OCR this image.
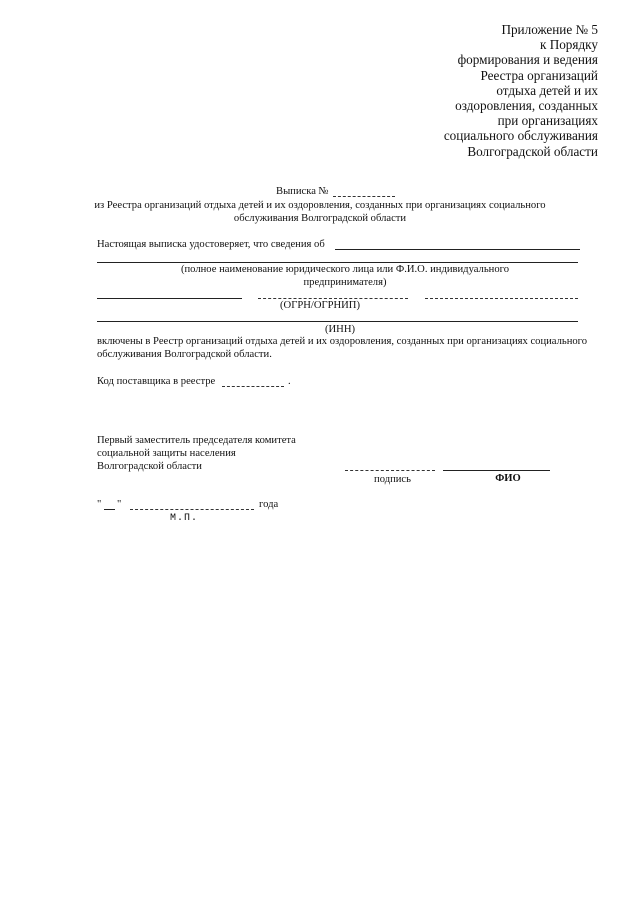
Приложение № 5
к Порядку
формирования и ведения
Реестра организаций
отдыха детей и их
оздоровления, созданных
при организациях
социального обслуживания
Волгоградской области
Выписка №
из Реестра организаций отдыха детей и их оздоровления, созданных при организациях социального
обслуживания Волгоградской области
Настоящая выписка удостоверяет, что сведения об
(полное наименование юридического лица или Ф.И.О. индивидуального
предпринимателя)
(ОГРН/ОГРНИП)
(ИНН)
включены в Реестр организаций отдыха детей и их оздоровления, созданных при организациях социального
обслуживания Волгоградской области.
Код поставщика в реестре	.
Первый заместитель председателя комитета
социальной защиты населения
Волгоградской области
подпись	ФИО
" "	года
М.П.
